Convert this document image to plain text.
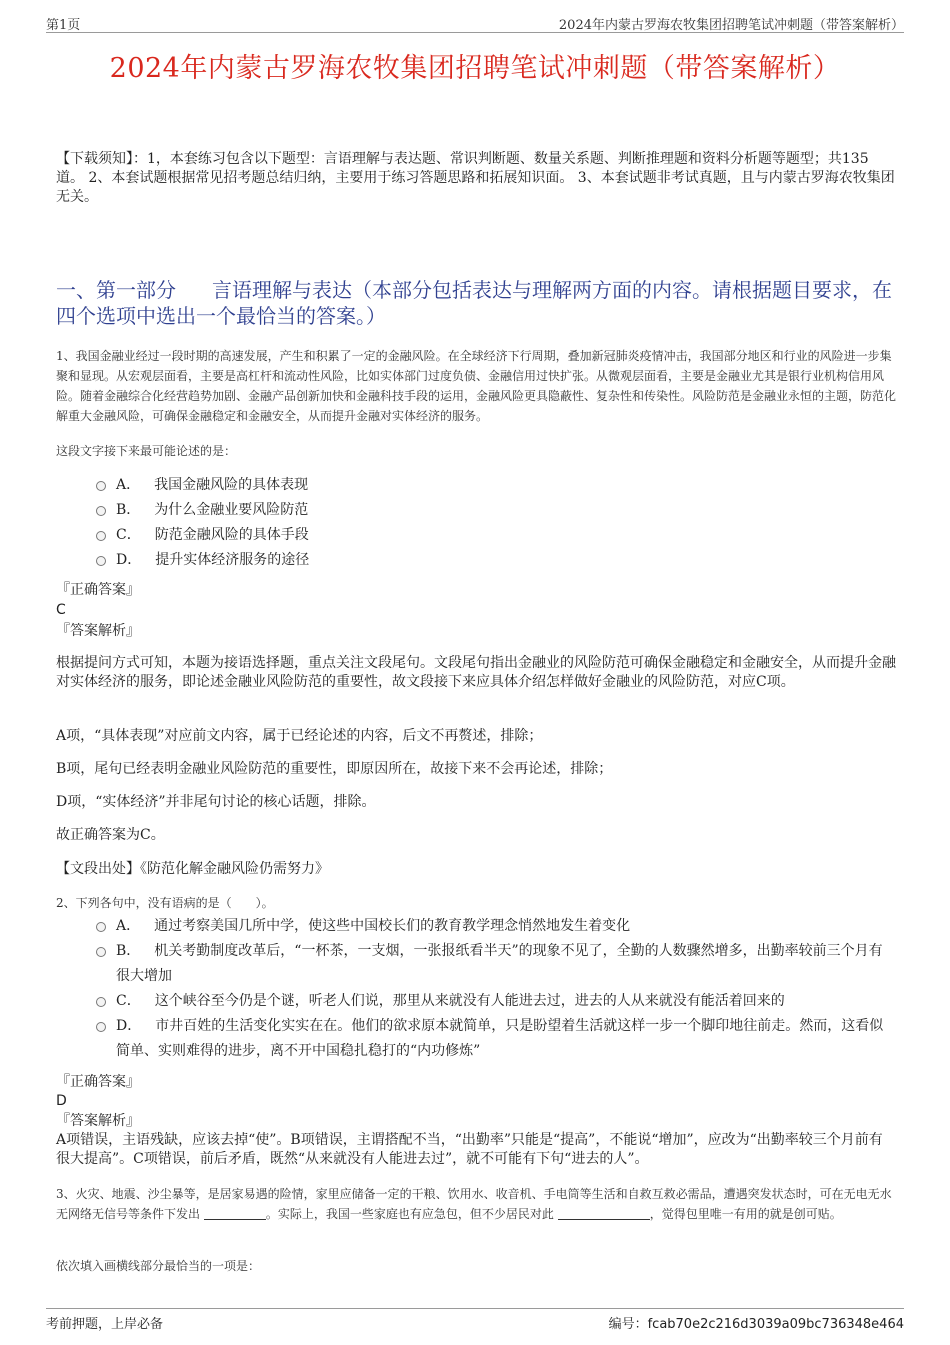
第1页	2024年内蒙古罗海农牧集团招聘笔试冲刺题（带答案解析）
2024年内蒙古罗海农牧集团招聘笔试冲刺题（带答案解析）
【下载须知】：1，本套练习包含以下题型：言语理解与表达题、常识判断题、数量关系题、判断推理题和资料分析题等题型；共135道。 2、本套试题根据常见招考题总结归纳，主要用于练习答题思路和拓展知识面。 3、本套试题非考试真题，且与内蒙古罗海农牧集团无关。
一、第一部分 言语理解与表达（本部分包括表达与理解两方面的内容。请根据题目要求，在四个选项中选出一个最恰当的答案。）
1、我国金融业经过一段时期的高速发展，产生和积累了一定的金融风险。在全球经济下行周期，叠加新冠肺炎疫情冲击，我国部分地区和行业的风险进一步集聚和显现。从宏观层面看，主要是高杠杆和流动性风险，比如实体部门过度负债、金融信用过快扩张。从微观层面看，主要是金融业尤其是银行业机构信用风险。随着金融综合化经营趋势加剧、金融产品创新加快和金融科技手段的运用，金融风险更具隐蔽性、复杂性和传染性。风险防范是金融业永恒的主题，防范化解重大金融风险，可确保金融稳定和金融安全，从而提升金融对实体经济的服务。
这段文字接下来最可能论述的是：
A． 我国金融风险的具体表现
B． 为什么金融业要风险防范
C． 防范金融风险的具体手段
D． 提升实体经济服务的途径
『正确答案』
C
『答案解析』
根据提问方式可知，本题为接语选择题，重点关注文段尾句。文段尾句指出金融业的风险防范可确保金融稳定和金融安全，从而提升金融对实体经济的服务，即论述金融业风险防范的重要性，故文段接下来应具体介绍怎样做好金融业的风险防范，对应C项。
A项，“具体表现”对应前文内容，属于已经论述的内容，后文不再赘述，排除；
B项，尾句已经表明金融业风险防范的重要性，即原因所在，故接下来不会再论述，排除；
D项，“实体经济”并非尾句讨论的核心话题，排除。
故正确答案为C。
【文段出处】《防范化解金融风险仍需努力》
2、下列各句中，没有语病的是（　　）。
A． 通过考察美国几所中学，使这些中国校长们的教育教学理念悄然地发生着变化
B． 机关考勤制度改革后，“一杯茶，一支烟，一张报纸看半天”的现象不见了，全勤的人数骤然增多，出勤率较前三个月有很大增加
C． 这个峡谷至今仍是个谜，听老人们说，那里从来就没有人能进去过，进去的人从来就没有能活着回来的
D． 市井百姓的生活变化实实在在。他们的欲求原本就简单，只是盼望着生活就这样一步一个脚印地往前走。然而，这看似简单、实则难得的进步，离不开中国稳扎稳打的“内功修炼”
『正确答案』
D
『答案解析』
A项错误，主语残缺，应该去掉“使”。B项错误，主谓搭配不当，“出勤率”只能是“提高”，不能说“增加”，应改为“出勤率较三个月前有很大提高”。C项错误，前后矛盾，既然“从来就没有人能进去过”，就不可能有下句“进去的人”。
3、火灾、地震、沙尘暴等，是居家易遇的险情，家里应储备一定的干粮、饮用水、收音机、手电筒等生活和自救互救必需品，遭遇突发状态时，可在无电无水无网络无信号等条件下发出	。实际上，我国一些家庭也有应急包，但不少居民对此	，觉得包里唯一有用的就是创可贴。
依次填入画横线部分最恰当的一项是：
考前押题，上岸必备	编号：fcab70e2c216d3039a09bc736348e464
